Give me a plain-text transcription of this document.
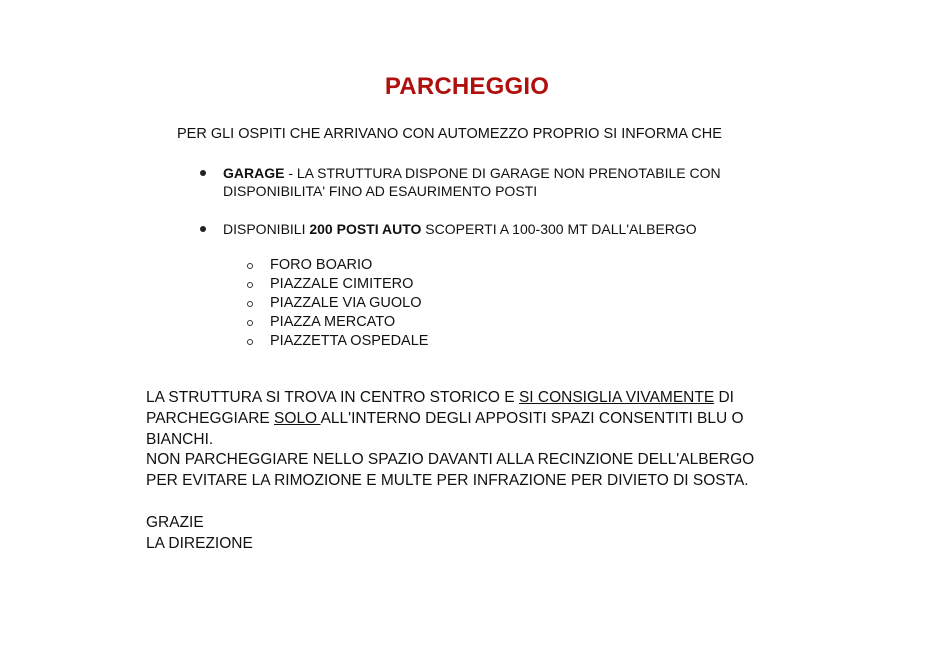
PARCHEGGIO
PER GLI OSPITI CHE ARRIVANO CON AUTOMEZZO PROPRIO SI INFORMA CHE
GARAGE - LA STRUTTURA DISPONE DI GARAGE NON PRENOTABILE CON DISPONIBILITA' FINO AD ESAURIMENTO POSTI
DISPONIBILI 200 POSTI AUTO SCOPERTI A 100-300 MT DALL'ALBERGO
FORO BOARIO
PIAZZALE CIMITERO
PIAZZALE VIA GUOLO
PIAZZA MERCATO
PIAZZETTA OSPEDALE

LA STRUTTURA SI TROVA IN CENTRO STORICO E SI CONSIGLIA VIVAMENTE DI PARCHEGGIARE SOLO ALL'INTERNO DEGLI APPOSITI SPAZI CONSENTITI BLU O BIANCHI.

NON PARCHEGGIARE NELLO SPAZIO DAVANTI ALLA RECINZIONE DELL'ALBERGO PER EVITARE LA RIMOZIONE E MULTE PER INFRAZIONE PER DIVIETO DI SOSTA.

GRAZIE
LA DIREZIONE
